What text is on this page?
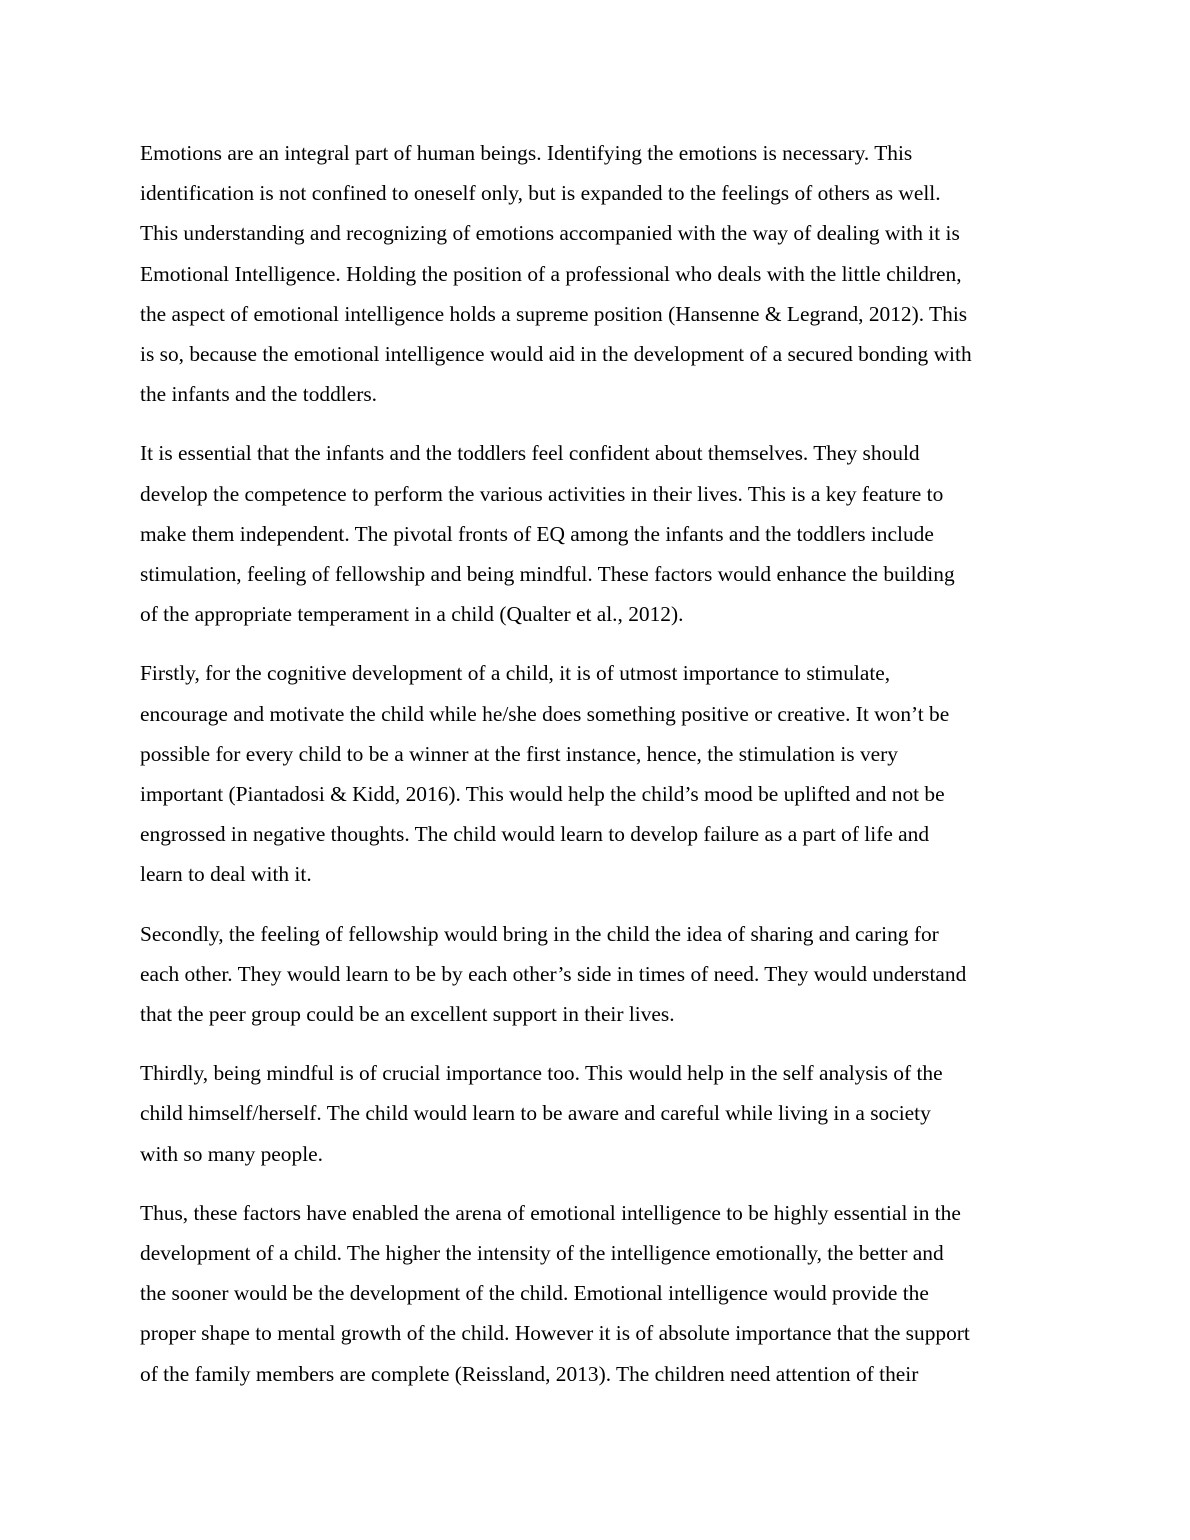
Emotions are an integral part of human beings. Identifying the emotions is necessary. This
identification is not confined to oneself only, but is expanded to the feelings of others as well.
This understanding and recognizing of emotions accompanied with the way of dealing with it is
Emotional Intelligence. Holding the position of a professional who deals with the little children,
the aspect of emotional intelligence holds a supreme position (Hansenne & Legrand, 2012). This
is so, because the emotional intelligence would aid in the development of a secured bonding with
the infants and the toddlers.

It is essential that the infants and the toddlers feel confident about themselves. They should
develop the competence to perform the various activities in their lives. This is a key feature to
make them independent. The pivotal fronts of EQ among the infants and the toddlers include
stimulation, feeling of fellowship and being mindful. These factors would enhance the building
of the appropriate temperament in a child (Qualter et al., 2012).

Firstly, for the cognitive development of a child, it is of utmost importance to stimulate,
encourage and motivate the child while he/she does something positive or creative. It won’t be
possible for every child to be a winner at the first instance, hence, the stimulation is very
important (Piantadosi & Kidd, 2016). This would help the child’s mood be uplifted and not be
engrossed in negative thoughts. The child would learn to develop failure as a part of life and
learn to deal with it.

Secondly, the feeling of fellowship would bring in the child the idea of sharing and caring for
each other. They would learn to be by each other’s side in times of need. They would understand
that the peer group could be an excellent support in their lives.

Thirdly, being mindful is of crucial importance too. This would help in the self analysis of the
child himself/herself. The child would learn to be aware and careful while living in a society
with so many people.

Thus, these factors have enabled the arena of emotional intelligence to be highly essential in the
development of a child. The higher the intensity of the intelligence emotionally, the better and
the sooner would be the development of the child. Emotional intelligence would provide the
proper shape to mental growth of the child. However it is of absolute importance that the support
of the family members are complete (Reissland, 2013). The children need attention of their
